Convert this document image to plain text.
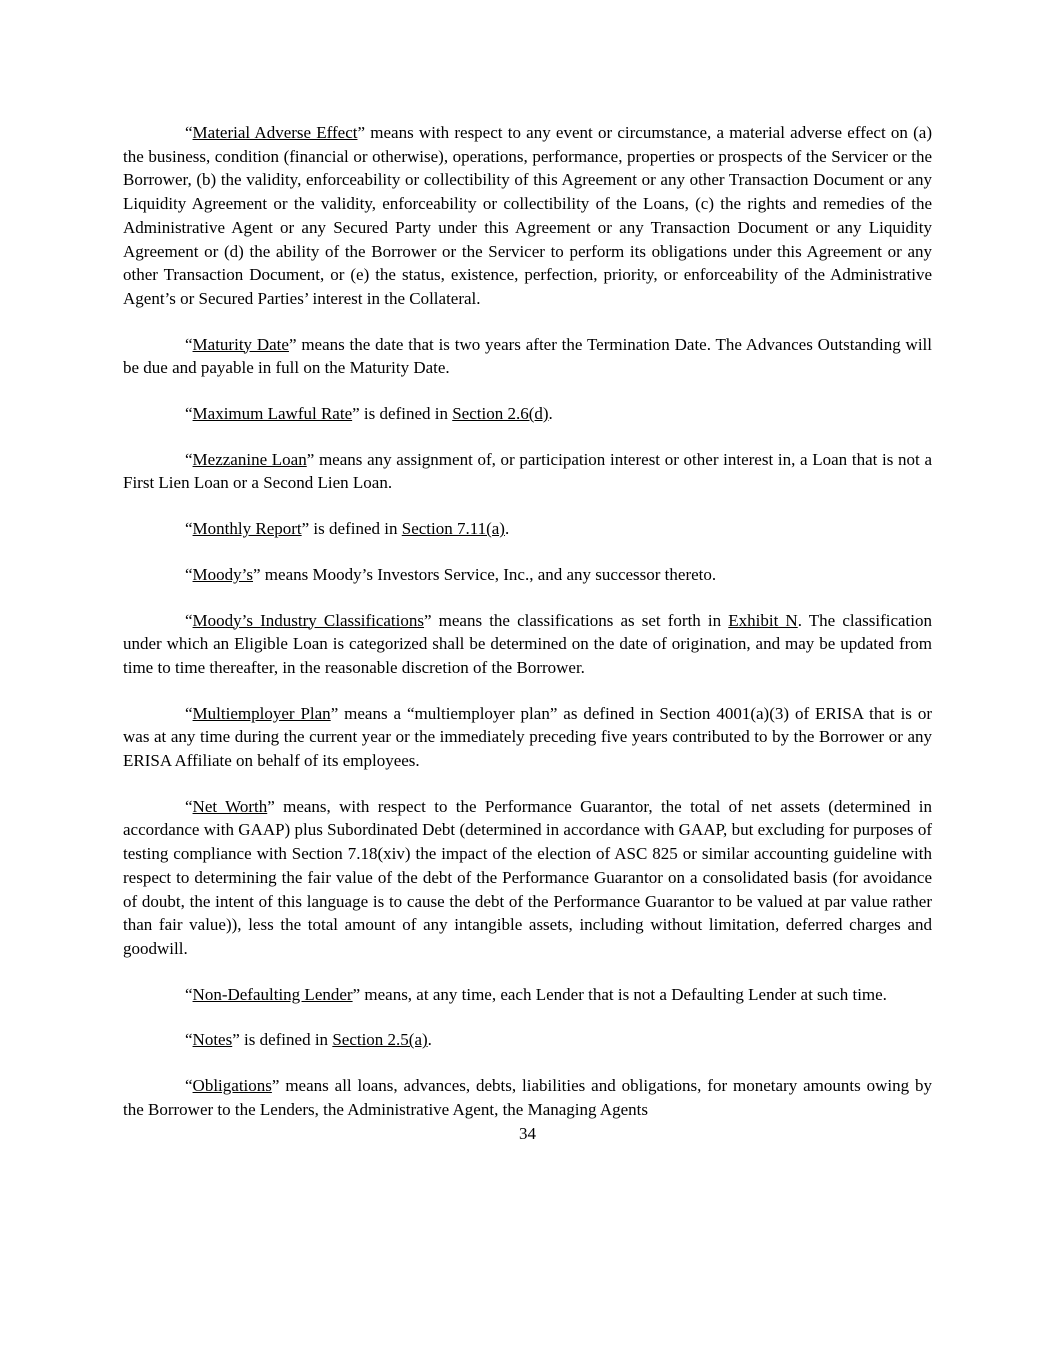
“Material Adverse Effect” means with respect to any event or circumstance, a material adverse effect on (a) the business, condition (financial or otherwise), operations, performance, properties or prospects of the Servicer or the Borrower, (b) the validity, enforceability or collectibility of this Agreement or any other Transaction Document or any Liquidity Agreement or the validity, enforceability or collectibility of the Loans, (c) the rights and remedies of the Administrative Agent or any Secured Party under this Agreement or any Transaction Document or any Liquidity Agreement or (d) the ability of the Borrower or the Servicer to perform its obligations under this Agreement or any other Transaction Document, or (e) the status, existence, perfection, priority, or enforceability of the Administrative Agent’s or Secured Parties’ interest in the Collateral.

“Maturity Date” means the date that is two years after the Termination Date. The Advances Outstanding will be due and payable in full on the Maturity Date.

“Maximum Lawful Rate” is defined in Section 2.6(d).

“Mezzanine Loan” means any assignment of, or participation interest or other interest in, a Loan that is not a First Lien Loan or a Second Lien Loan.

“Monthly Report” is defined in Section 7.11(a).

“Moody’s” means Moody’s Investors Service, Inc., and any successor thereto.

“Moody’s Industry Classifications” means the classifications as set forth in Exhibit N. The classification under which an Eligible Loan is categorized shall be determined on the date of origination, and may be updated from time to time thereafter, in the reasonable discretion of the Borrower.

“Multiemployer Plan” means a “multiemployer plan” as defined in Section 4001(a)(3) of ERISA that is or was at any time during the current year or the immediately preceding five years contributed to by the Borrower or any ERISA Affiliate on behalf of its employees.

“Net Worth” means, with respect to the Performance Guarantor, the total of net assets (determined in accordance with GAAP) plus Subordinated Debt (determined in accordance with GAAP, but excluding for purposes of testing compliance with Section 7.18(xiv) the impact of the election of ASC 825 or similar accounting guideline with respect to determining the fair value of the debt of the Performance Guarantor on a consolidated basis (for avoidance of doubt, the intent of this language is to cause the debt of the Performance Guarantor to be valued at par value rather than fair value)), less the total amount of any intangible assets, including without limitation, deferred charges and goodwill.

“Non-Defaulting Lender” means, at any time, each Lender that is not a Defaulting Lender at such time.

“Notes” is defined in Section 2.5(a).

“Obligations” means all loans, advances, debts, liabilities and obligations, for monetary amounts owing by the Borrower to the Lenders, the Administrative Agent, the Managing Agents

34
